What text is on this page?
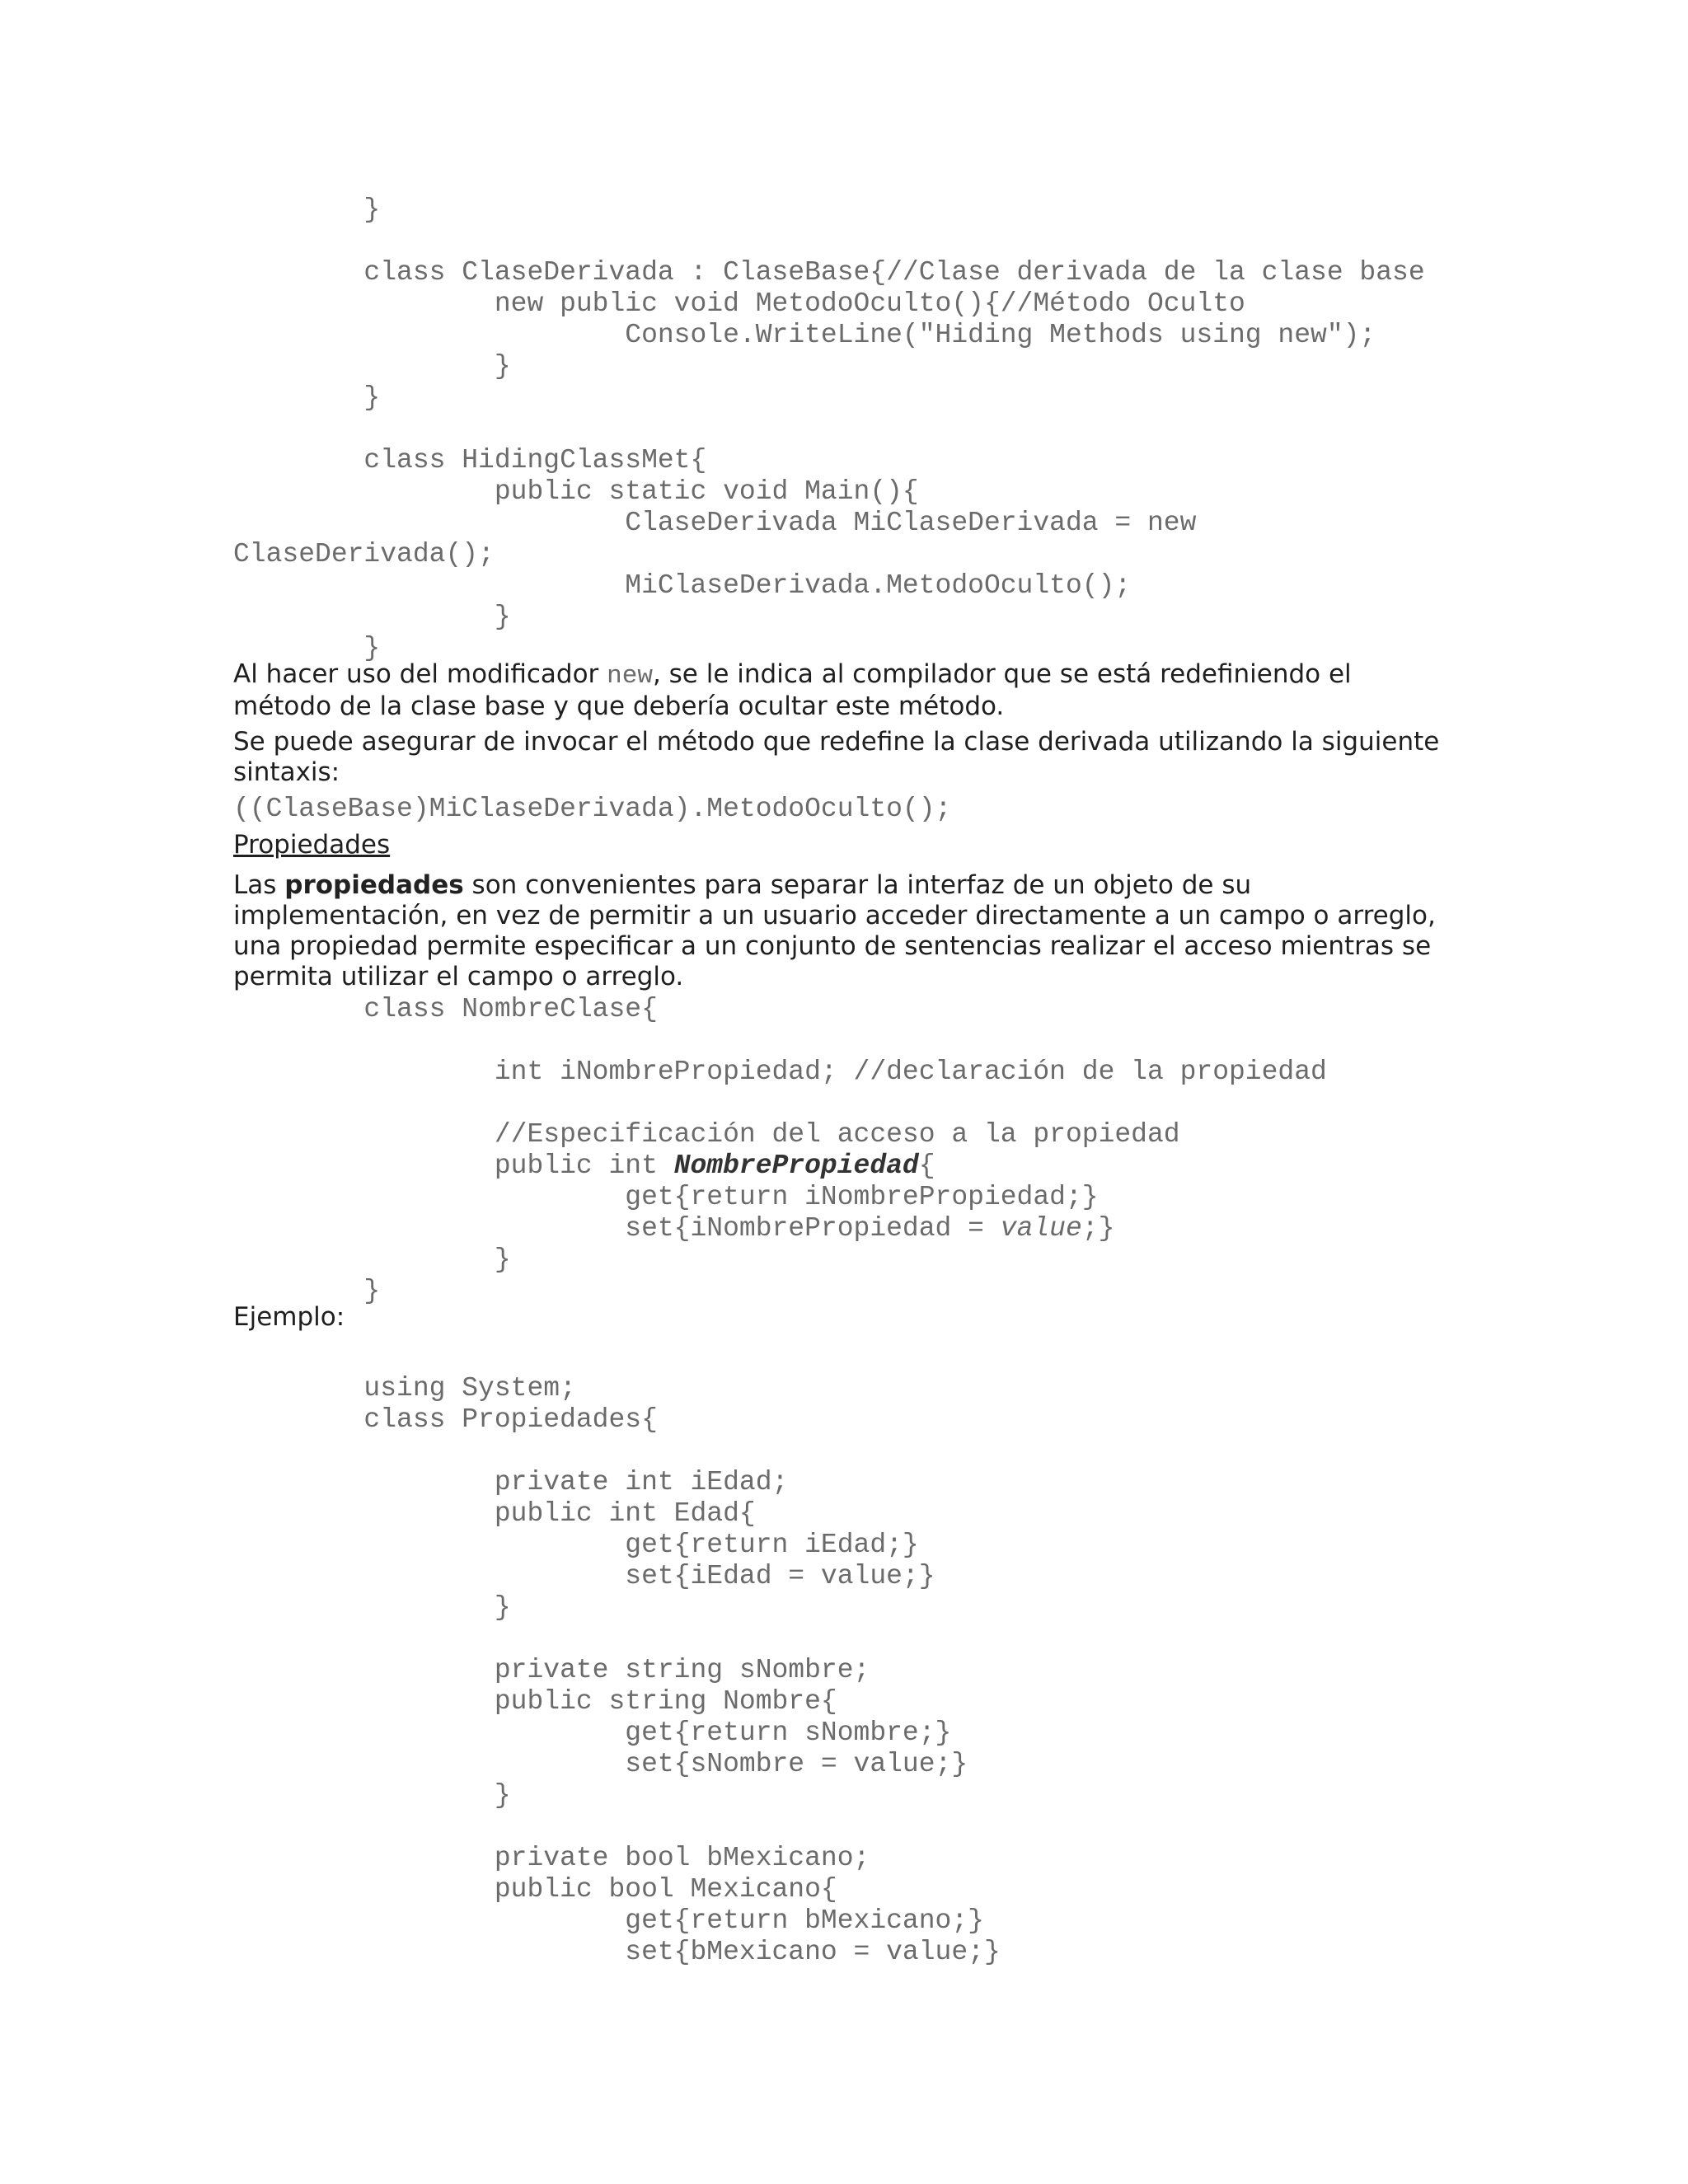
}

class ClaseDerivada : ClaseBase{//Clase derivada de la clase base
new public void MetodoOculto(){//Método Oculto
Console.WriteLine("Hiding Methods using new");
}
}

class HidingClassMet{
public static void Main(){
ClaseDerivada MiClaseDerivada = new
ClaseDerivada();
MiClaseDerivada.MetodoOculto();
}
}

Al hacer uso del modificador new, se le indica al compilador que se está redefiniendo el método de la clase base y que debería ocultar este método.

Se puede asegurar de invocar el método que redefine la clase derivada utilizando la siguiente sintaxis:

((ClaseBase)MiClaseDerivada).MetodoOculto();

Propiedades

Las propiedades son convenientes para separar la interfaz de un objeto de su implementación, en vez de permitir a un usuario acceder directamente a un campo o arreglo, una propiedad permite especificar a un conjunto de sentencias realizar el acceso mientras se permita utilizar el campo o arreglo.

class NombreClase{

int iNombrePropiedad; //declaración de la propiedad

//Especificación del acceso a la propiedad
public int NombrePropiedad{
get{return iNombrePropiedad;}
set{iNombrePropiedad = value;}
}
}

Ejemplo:

using System;
class Propiedades{

private int iEdad;
public int Edad{
get{return iEdad;}
set{iEdad = value;}
}

private string sNombre;
public string Nombre{
get{return sNombre;}
set{sNombre = value;}
}

private bool bMexicano;
public bool Mexicano{
get{return bMexicano;}
set{bMexicano = value;}
